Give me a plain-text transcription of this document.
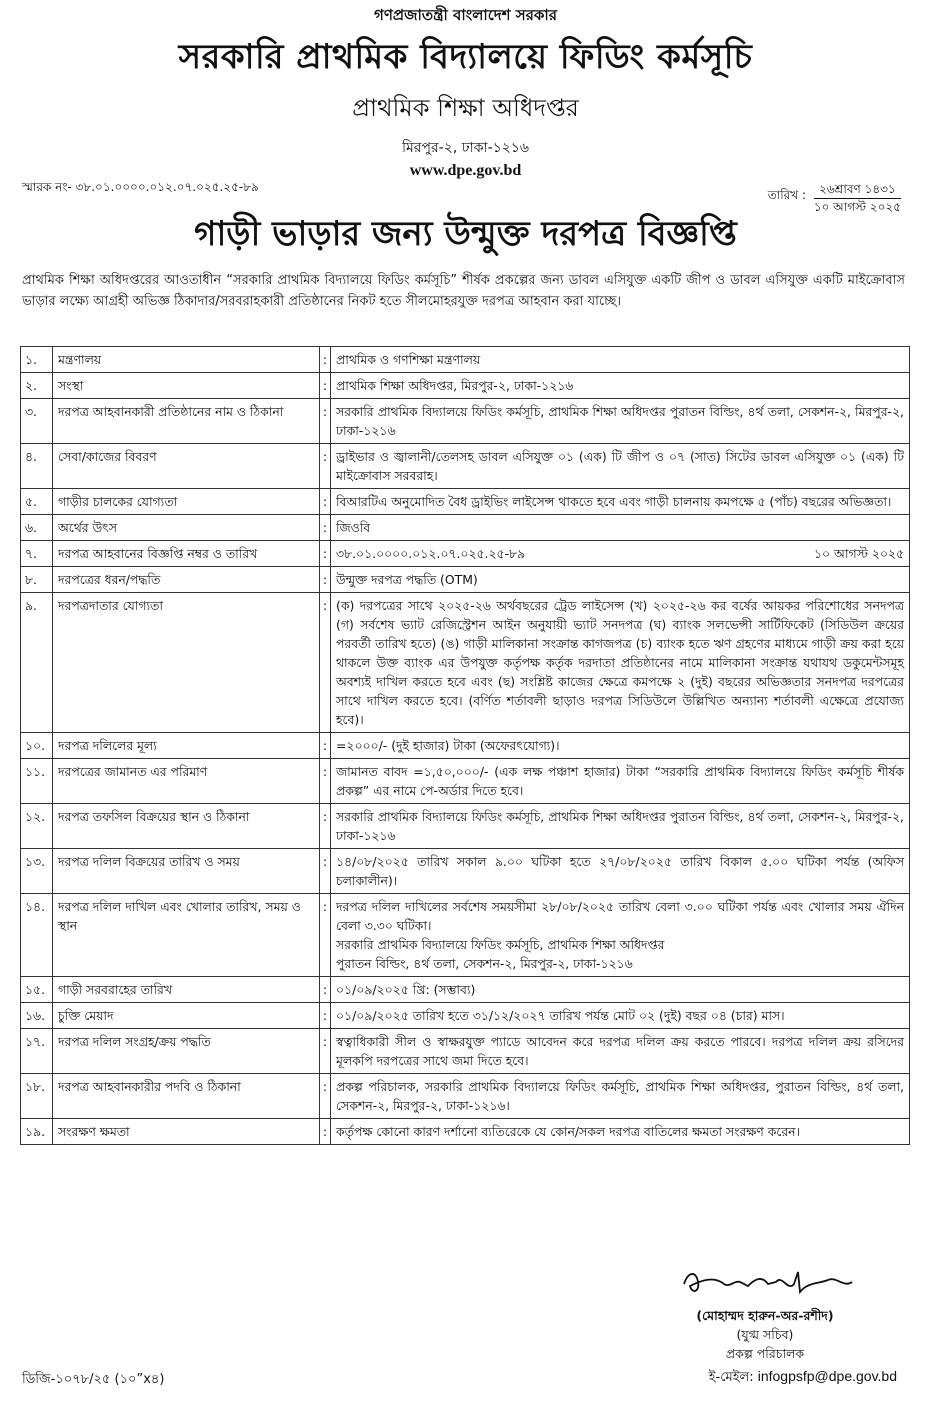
গণপ্রজাতন্ত্রী বাংলাদেশ সরকার
সরকারি প্রাথমিক বিদ্যালয়ে ফিডিং কর্মসূচি
প্রাথমিক শিক্ষা অধিদপ্তর
মিরপুর-২, ঢাকা-১২১৬
www.dpe.gov.bd
স্মারক নং- ৩৮.০১.০০০০.০১২.০৭.০২৫.২৫-৮৯
তারিখ :	২৬শ্রাবণ ১৪৩১
১০ আগস্ট ২০২৫
গাড়ী ভাড়ার জন্য উন্মুক্ত দরপত্র বিজ্ঞপ্তি
প্রাথমিক শিক্ষা অধিদপ্তরের আওতাধীন “সরকারি প্রাথমিক বিদ্যালয়ে ফিডিং কর্মসূচি” শীর্ষক প্রকল্পের জন্য ডাবল এসিযুক্ত একটি জীপ ও ডাবল এসিযুক্ত একটি মাইক্রোবাস ভাড়ার লক্ষ্যে আগ্রহী অভিজ্ঞ ঠিকাদার/সরবরাহকারী প্রতিষ্ঠানের নিকট হতে সীলমোহরযুক্ত দরপত্র আহবান করা যাচ্ছে।
১.	মন্ত্রণালয়	:	প্রাথমিক ও গণশিক্ষা মন্ত্রণালয়
২.	সংস্থা	:	প্রাথমিক শিক্ষা অধিদপ্তর, মিরপুর-২, ঢাকা-১২১৬
৩.	দরপত্র আহবানকারী প্রতিষ্ঠানের নাম ও ঠিকানা	:	সরকারি প্রাথমিক বিদ্যালয়ে ফিডিং কর্মসূচি, প্রাথমিক শিক্ষা অধিদপ্তর পুরাতন বিল্ডিং, ৪র্থ তলা, সেকশন-২, মিরপুর-২, ঢাকা-১২১৬
৪.	সেবা/কাজের বিবরণ	:	ড্রাইভার ও জ্বালানী/তেলসহ ডাবল এসিযুক্ত ০১ (এক) টি জীপ ও ০৭ (সাত) সিটের ডাবল এসিযুক্ত ০১ (এক) টি মাইক্রোবাস সরবরাহ।
৫.	গাড়ীর চালকের যোগ্যতা	:	বিআরটিএ অনুমোদিত বৈধ ড্রাইভিং লাইসেন্স থাকতে হবে এবং গাড়ী চালনায় কমপক্ষে ৫ (পাঁচ) বছরের অভিজ্ঞতা।
৬.	অর্থের উৎস	:	জিওবি
৭.	দরপত্র আহবানের বিজ্ঞপ্তি নম্বর ও তারিখ	:	৩৮.০১.০০০০.০১২.০৭.০২৫.২৫-৮৯ ১০ আগস্ট ২০২৫

৮.	দরপত্রের ধরন/পদ্ধতি	:	উন্মুক্ত দরপত্র পদ্ধতি (OTM)
৯.	দরপত্রদাতার যোগ্যতা	:	(ক) দরপত্রের সাথে ২০২৫-২৬ অর্থবছরের ট্রেড লাইসেন্স (খ) ২০২৫-২৬ কর বর্ষের আয়কর পরিশোধের সনদপত্র (গ) সর্বশেষ ভ্যাট রেজিস্ট্রেশন আইন অনুযায়ী ভ্যাট সনদপত্র (ঘ) ব্যাংক সলভেন্সী সার্টিফিকেট (সিডিউল ক্রয়ের পরবর্তী তারিখ হতে) (ঙ) গাড়ী মালিকানা সংক্রান্ত কাগজপত্র (চ) ব্যাংক হতে ঋণ গ্রহণের মাধ্যমে গাড়ী ক্রয় করা হয়ে থাকলে উক্ত ব্যাংক এর উপযুক্ত কর্তৃপক্ষ কর্তৃক দরদাতা প্রতিষ্ঠানের নামে মালিকানা সংক্রান্ত যথাযথ ডকুমেন্টসমূহ অবশ্যই দাখিল করতে হবে এবং (ছ) সংশ্লিষ্ট কাজের ক্ষেত্রে কমপক্ষে ২ (দুই) বছরের অভিজ্ঞতার সনদপত্র দরপত্রের সাথে দাখিল করতে হবে। (বর্ণিত শর্তাবলী ছাড়াও দরপত্র সিডিউলে উল্লিখিত অন্যান্য শর্তাবলী এক্ষেত্রে প্রযোজ্য হবে)।
১০.	দরপত্র দলিলের মূল্য	:	=২০০০/- (দুই হাজার) টাকা (অফেরৎযোগ্য)।
১১.	দরপত্রের জামানত এর পরিমাণ	:	জামানত বাবদ =১,৫০,০০০/- (এক লক্ষ পঞ্চাশ হাজার) টাকা “সরকারি প্রাথমিক বিদ্যালয়ে ফিডিং কর্মসূচি শীর্ষক প্রকল্প” এর নামে পে-অর্ডার দিতে হবে।
১২.	দরপত্র তফসিল বিক্রয়ের স্থান ও ঠিকানা	:	সরকারি প্রাথমিক বিদ্যালয়ে ফিডিং কর্মসূচি, প্রাথমিক শিক্ষা অধিদপ্তর পুরাতন বিল্ডিং, ৪র্থ তলা, সেকশন-২, মিরপুর-২, ঢাকা-১২১৬
১৩.	দরপত্র দলিল বিক্রয়ের তারিখ ও সময়	:	১৪/০৮/২০২৫ তারিখ সকাল ৯.০০ ঘটিকা হতে ২৭/০৮/২০২৫ তারিখ বিকাল ৫.০০ ঘটিকা পর্যন্ত (অফিস চলাকালীন)।
১৪.	দরপত্র দলিল দাখিল এবং খোলার তারিখ, সময় ও স্থান	:	দরপত্র দলিল দাখিলের সর্বশেষ সময়সীমা ২৮/০৮/২০২৫ তারিখ বেলা ৩.০০ ঘটিকা পর্যন্ত এবং খোলার সময় ঐদিন বেলা ৩.৩০ ঘটিকা।
সরকারি প্রাথমিক বিদ্যালয়ে ফিডিং কর্মসূচি, প্রাথমিক শিক্ষা অধিদপ্তর
পুরাতন বিল্ডিং, ৪র্থ তলা, সেকশন-২, মিরপুর-২, ঢাকা-১২১৬

১৫.	গাড়ী সরবরাহের তারিখ	:	০১/০৯/২০২৫ খ্রি: (সম্ভাব্য)
১৬.	চুক্তি মেয়াদ	:	০১/০৯/২০২৫ তারিখ হতে ৩১/১২/২০২৭ তারিখ পর্যন্ত মোট ০২ (দুই) বছর ০৪ (চার) মাস।
১৭.	দরপত্র দলিল সংগ্রহ/ক্রয় পদ্ধতি	:	স্বত্বাধিকারী সীল ও স্বাক্ষরযুক্ত প্যাডে আবেদন করে দরপত্র দলিল ক্রয় করতে পারবে। দরপত্র দলিল ক্রয় রসিদের মূলকপি দরপত্রের সাথে জমা দিতে হবে।
১৮.	দরপত্র আহবানকারীর পদবি ও ঠিকানা	:	প্রকল্প পরিচালক, সরকারি প্রাথমিক বিদ্যালয়ে ফিডিং কর্মসূচি, প্রাথমিক শিক্ষা অধিদপ্তর, পুরাতন বিল্ডিং, ৪র্থ তলা, সেকশন-২, মিরপুর-২, ঢাকা-১২১৬।
১৯.	সংরক্ষণ ক্ষমতা	:	কর্তৃপক্ষ কোনো কারণ দর্শানো ব্যতিরেকে যে কোন/সকল দরপত্র বাতিলের ক্ষমতা সংরক্ষণ করেন।
(মোহাম্মদ হারুন-অর-রশীদ)
(যুগ্ম সচিব)
প্রকল্প পরিচালক
ই-মেইল: infogpsfp@dpe.gov.bd
ডিজি-১০৭৮/২৫ (১০”x৪)
